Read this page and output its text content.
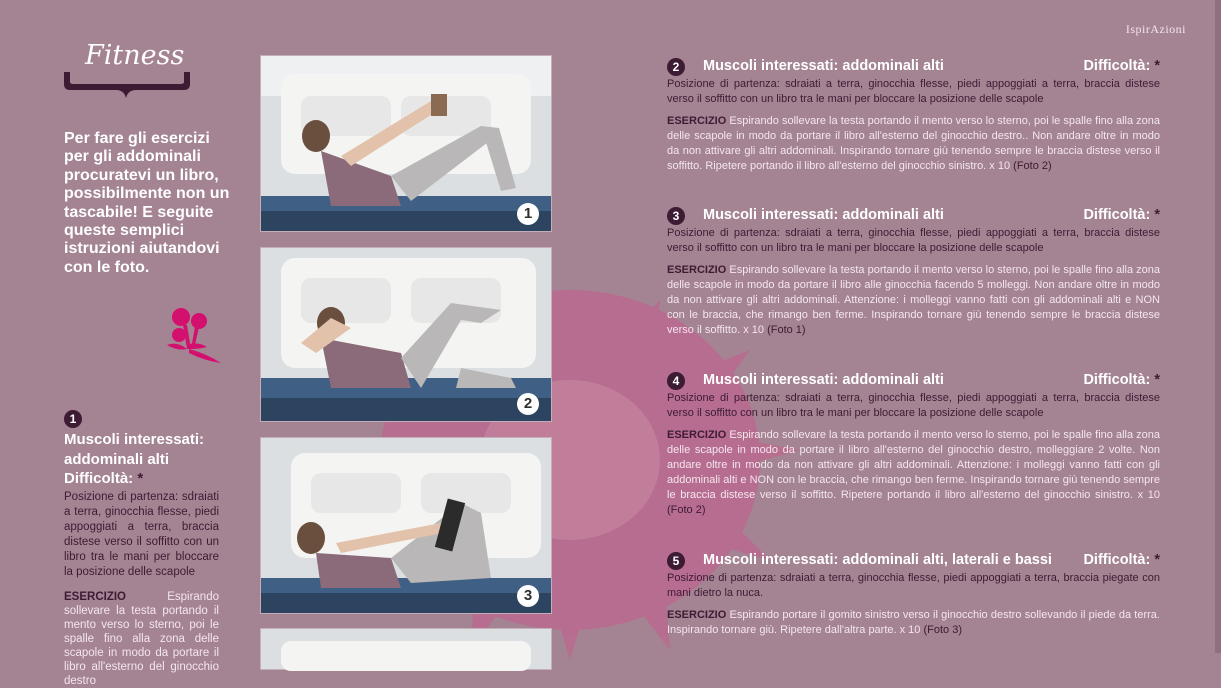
IspirAzioni
Fitness
Per fare gli esercizi per gli addominali procuratevi un libro, possibilmente non un tascabile! E seguite queste semplici istruzioni aiutandovi con le foto.
1
Muscoli interessati: addominali alti
Difficoltà: *
Posizione di partenza: sdraiati a terra, ginocchia flesse, piedi appoggiati a terra, braccia distese verso il soffitto con un libro tra le mani per bloccare la posizione delle scapole
ESERCIZIO	Espirando sollevare la testa portando il mento verso lo sterno, poi le spalle fino alla zona delle scapole in modo da portare il libro all'esterno del ginocchio destro
1
2
3
2	Muscoli interessati: addominali alti	Difficoltà: *
Posizione di partenza: sdraiati a terra, ginocchia flesse, piedi appoggiati a terra, braccia distese verso il soffitto con un libro tra le mani per bloccare la posizione delle scapole
ESERCIZIO Espirando sollevare la testa portando il mento verso lo sterno, poi le spalle fino alla zona delle scapole in modo da portare il libro all'esterno del ginocchio destro.. Non andare oltre in modo da non attivare gli altri addominali. Inspirando tornare giù tenendo sempre le braccia distese verso il soffitto. Ripetere portando il libro all'esterno del ginocchio sinistro. x 10 (Foto 2)
3	Muscoli interessati: addominali alti	Difficoltà: *
Posizione di partenza: sdraiati a terra, ginocchia flesse, piedi appoggiati a terra, braccia distese verso il soffitto con un libro tra le mani per bloccare la posizione delle scapole
ESERCIZIO Espirando sollevare la testa portando il mento verso lo sterno, poi le spalle fino alla zona delle scapole in modo da portare il libro alle ginocchia facendo 5 molleggi. Non andare oltre in modo da non attivare gli altri addominali. Attenzione: i molleggi vanno fatti con gli addominali alti e NON con le braccia, che rimango ben ferme. Inspirando tornare giù tenendo sempre le braccia distese verso il soffitto. x 10 (Foto 1)
4	Muscoli interessati: addominali alti	Difficoltà: *
Posizione di partenza: sdraiati a terra, ginocchia flesse, piedi appoggiati a terra, braccia distese verso il soffitto con un libro tra le mani per bloccare la posizione delle scapole
ESERCIZIO Espirando sollevare la testa portando il mento verso lo sterno, poi le spalle fino alla zona delle scapole in modo da portare il libro all'esterno del ginocchio destro, molleggiare 2 volte. Non andare oltre in modo da non attivare gli altri addominali. Attenzione: i molleggi vanno fatti con gli addominali alti e NON con le braccia, che rimango ben ferme. Inspirando tornare giù tenendo sempre le braccia distese verso il soffitto. Ripetere portando il libro all'esterno del ginocchio sinistro. x 10 (Foto 2)
5	Muscoli interessati: addominali alti, laterali e bassi Difficoltà: *
Posizione di partenza: sdraiati a terra, ginocchia flesse, piedi appoggiati a terra, braccia piegate con mani dietro la nuca.
ESERCIZIO Espirando portare il gomito sinistro verso il ginocchio destro sollevando il piede da terra. Inspirando tornare giù. Ripetere dall'altra parte. x 10 (Foto 3)
